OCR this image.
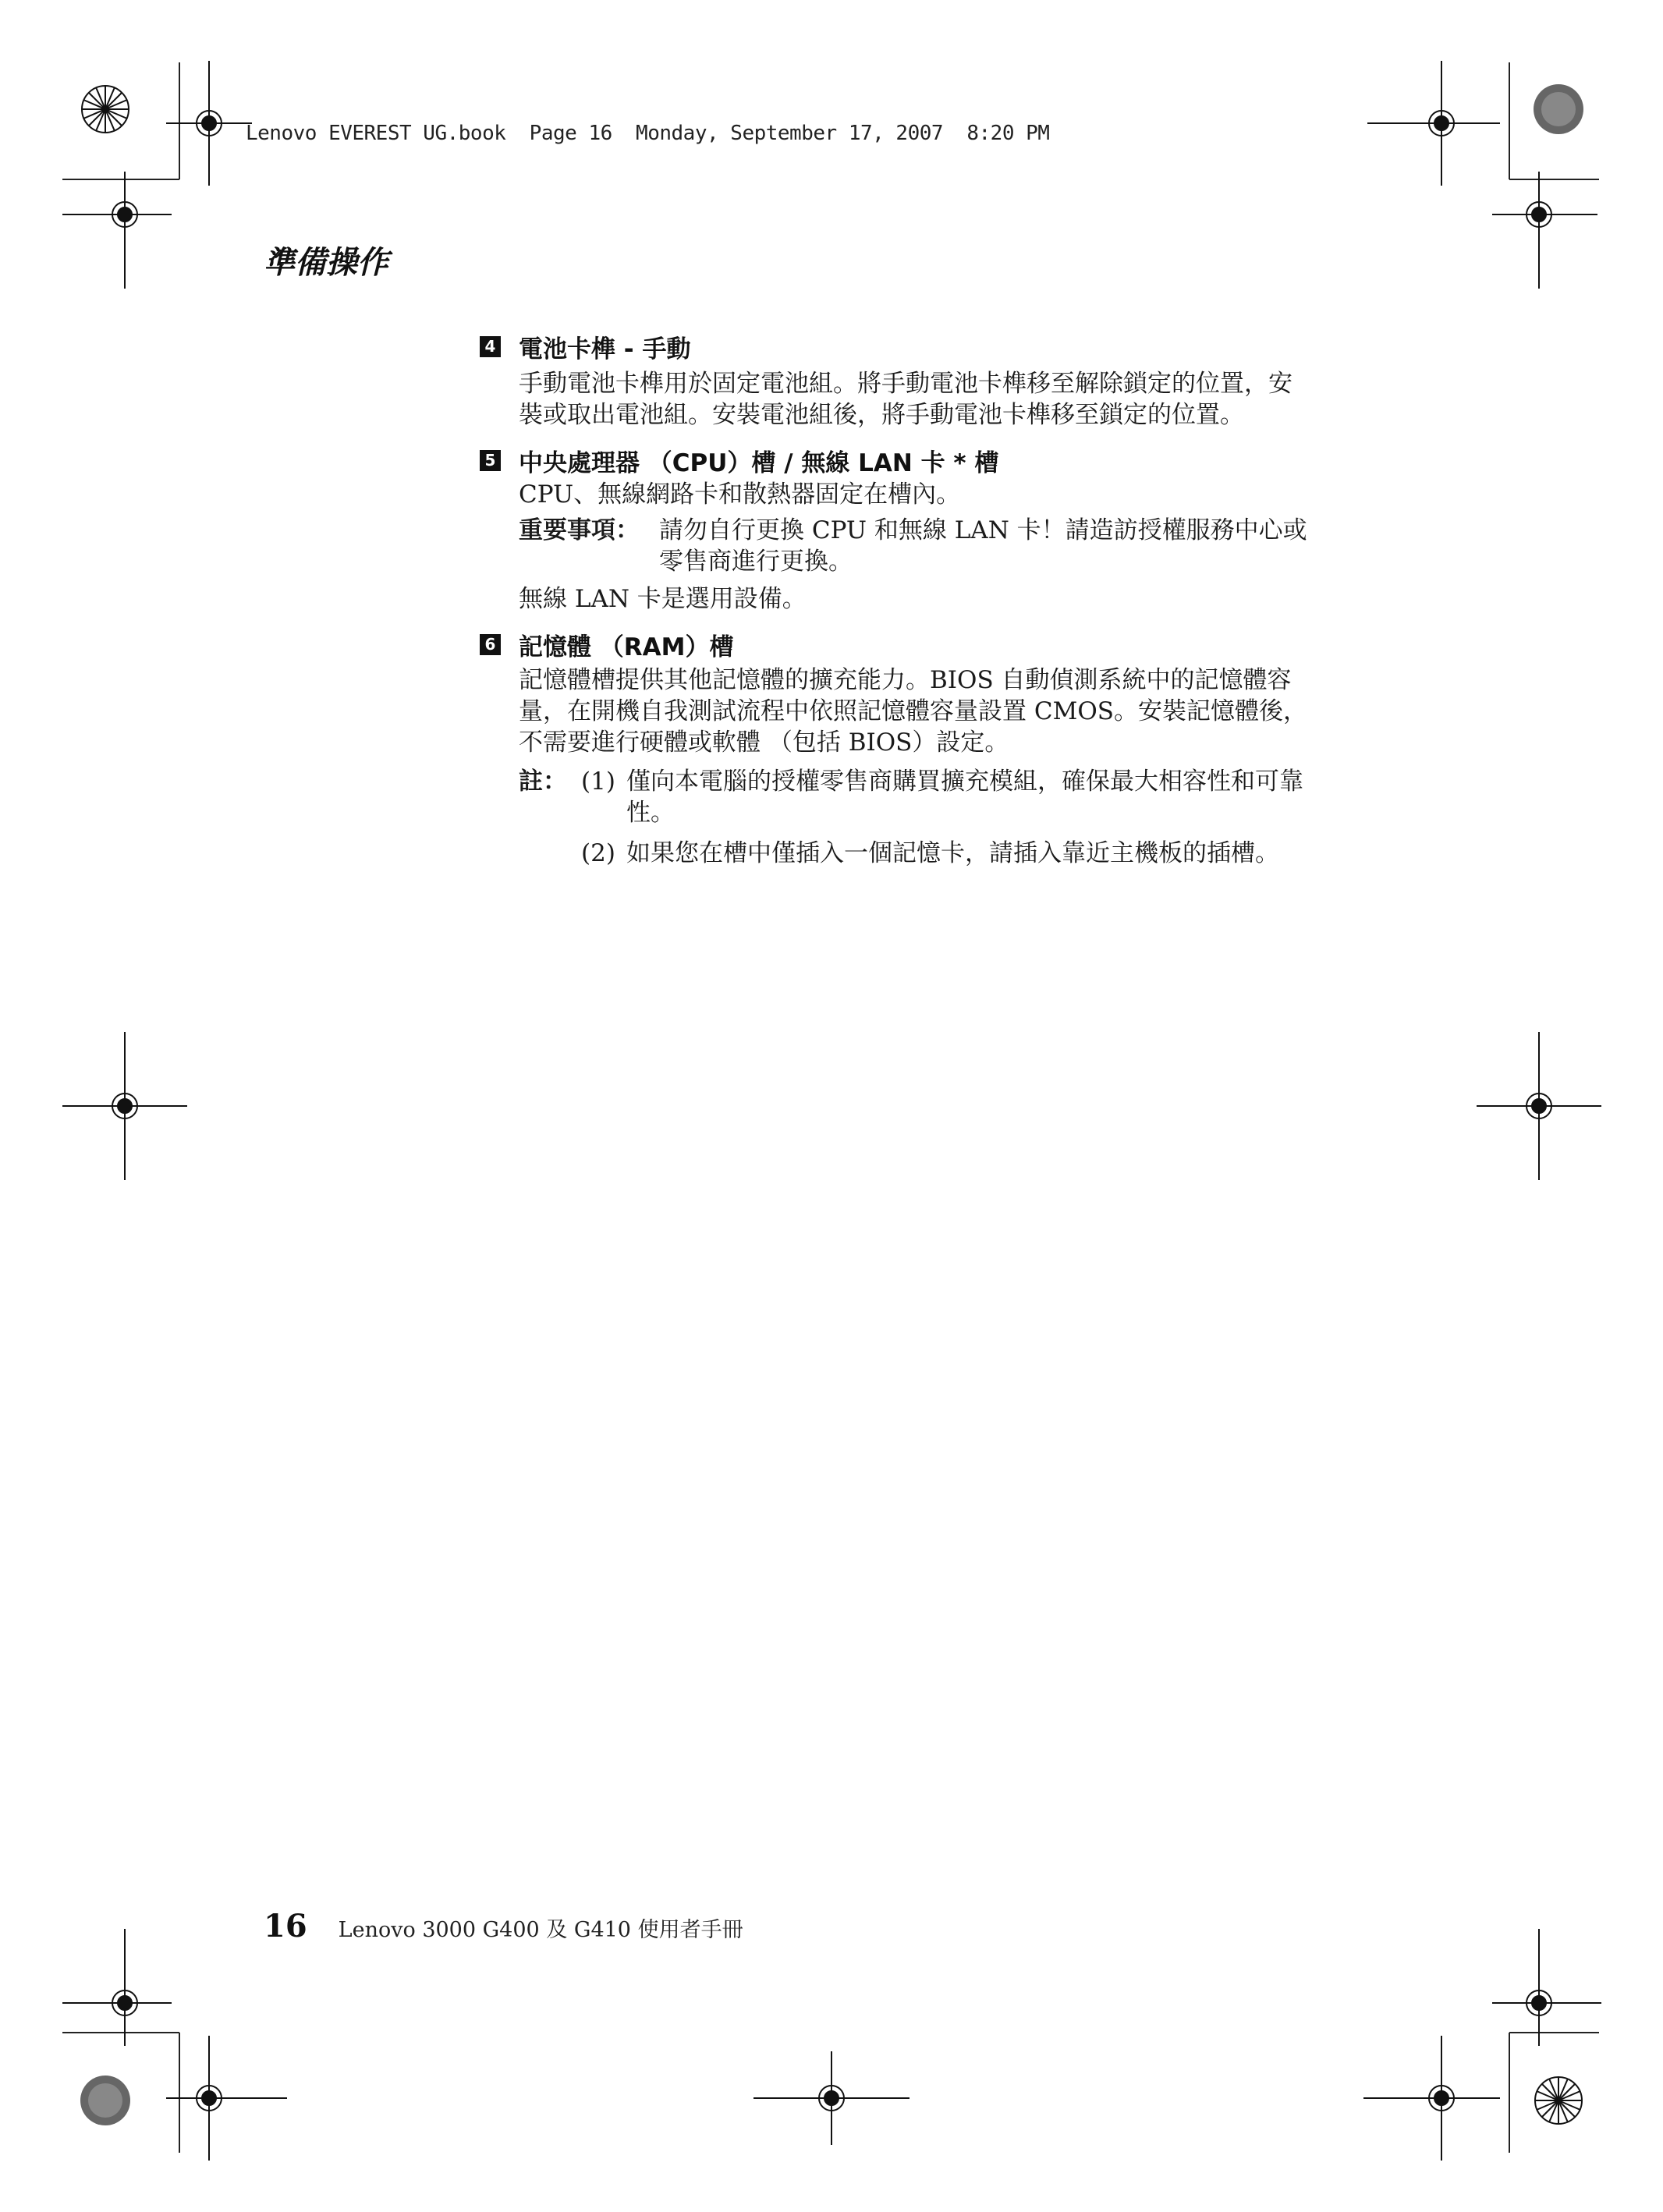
Lenovo EVEREST UG.book  Page 16  Monday, September 17, 2007  8:20 PM
準備操作
4 電池卡榫 - 手動

手動電池卡榫用於固定電池組。將手動電池卡榫移至解除鎖定的位置，安

裝或取出電池組。安裝電池組後，將手動電池卡榫移至鎖定的位置。

5 中央處理器 （CPU）槽 / 無線 LAN 卡 * 槽

CPU、無線網路卡和散熱器固定在槽內。

重要事項： 請勿自行更換 CPU 和無線 LAN 卡！請造訪授權服務中心或

零售商進行更換。

無線 LAN 卡是選用設備。

6 記憶體 （RAM）槽

記憶體槽提供其他記憶體的擴充能力。BIOS 自動偵測系統中的記憶體容

量，在開機自我測試流程中依照記憶體容量設置 CMOS。安裝記憶體後，

不需要進行硬體或軟體 （包括 BIOS）設定。

註： (1) 僅向本電腦的授權零售商購買擴充模組，確保最大相容性和可靠

性。

(2) 如果您在槽中僅插入一個記憶卡，請插入靠近主機板的插槽。

16 Lenovo 3000 G400 及 G410 使用者手冊
